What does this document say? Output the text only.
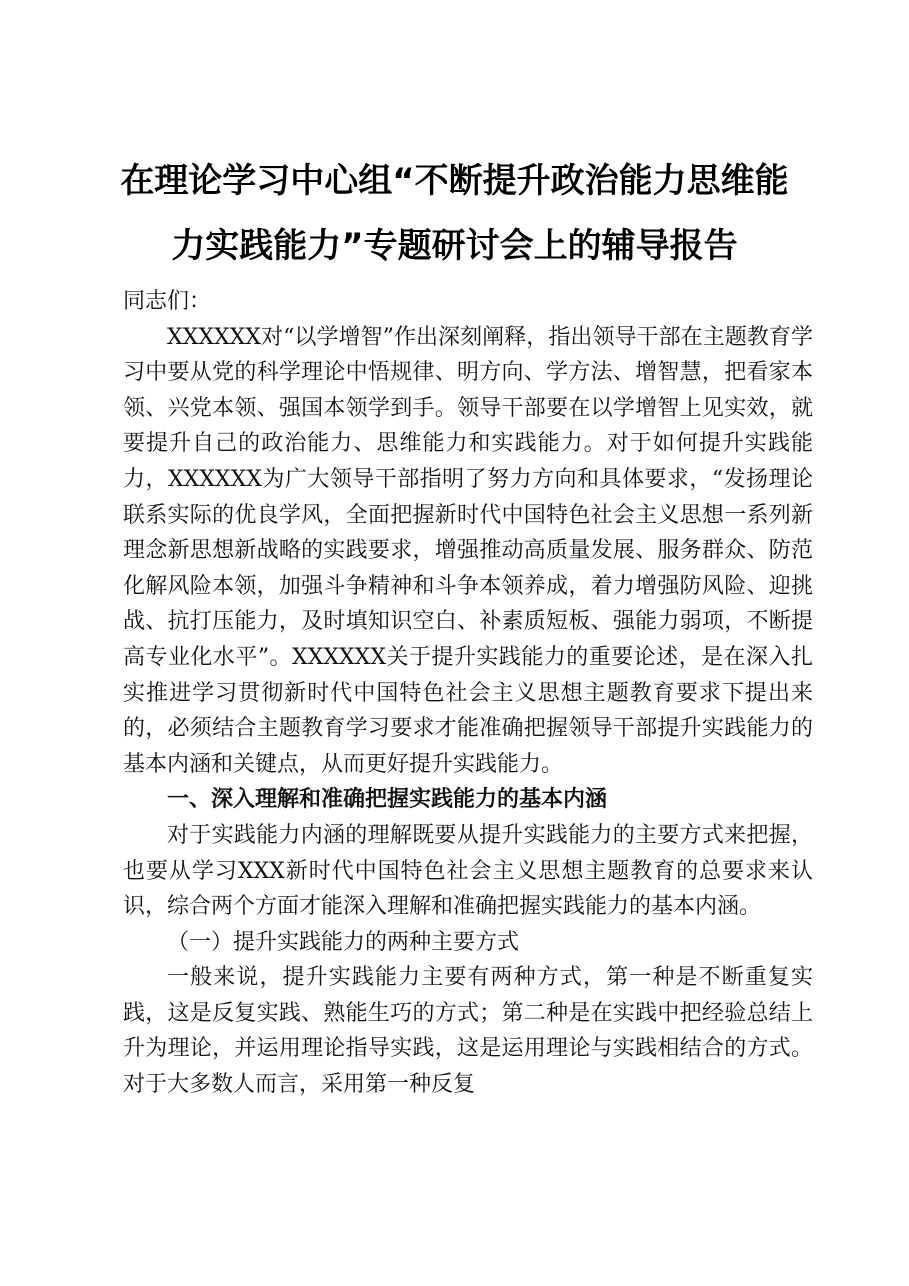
在理论学习中心组“不断提升政治能力思维能
力实践能力”专题研讨会上的辅导报告

同志们：

XXXXXX对“以学增智”作出深刻阐释，指出领导干部在主题教育学习中要从党的科学理论中悟规律、明方向、学方法、增智慧，把看家本领、兴党本领、强国本领学到手。领导干部要在以学增智上见实效，就要提升自己的政治能力、思维能力和实践能力。对于如何提升实践能力，XXXXXX为广大领导干部指明了努力方向和具体要求，“发扬理论联系实际的优良学风，全面把握新时代中国特色社会主义思想一系列新理念新思想新战略的实践要求，增强推动高质量发展、服务群众、防范化解风险本领，加强斗争精神和斗争本领养成，着力增强防风险、迎挑战、抗打压能力，及时填知识空白、补素质短板、强能力弱项，不断提高专业化水平”。XXXXXX关于提升实践能力的重要论述，是在深入扎实推进学习贯彻新时代中国特色社会主义思想主题教育要求下提出来的，必须结合主题教育学习要求才能准确把握领导干部提升实践能力的基本内涵和关键点，从而更好提升实践能力。

一、深入理解和准确把握实践能力的基本内涵

对于实践能力内涵的理解既要从提升实践能力的主要方式来把握，也要从学习XXX新时代中国特色社会主义思想主题教育的总要求来认识，综合两个方面才能深入理解和准确把握实践能力的基本内涵。

（一）提升实践能力的两种主要方式

一般来说，提升实践能力主要有两种方式，第一种是不断重复实践，这是反复实践、熟能生巧的方式；第二种是在实践中把经验总结上升为理论，并运用理论指导实践，这是运用理论与实践相结合的方式。对于大多数人而言，采用第一种反复
